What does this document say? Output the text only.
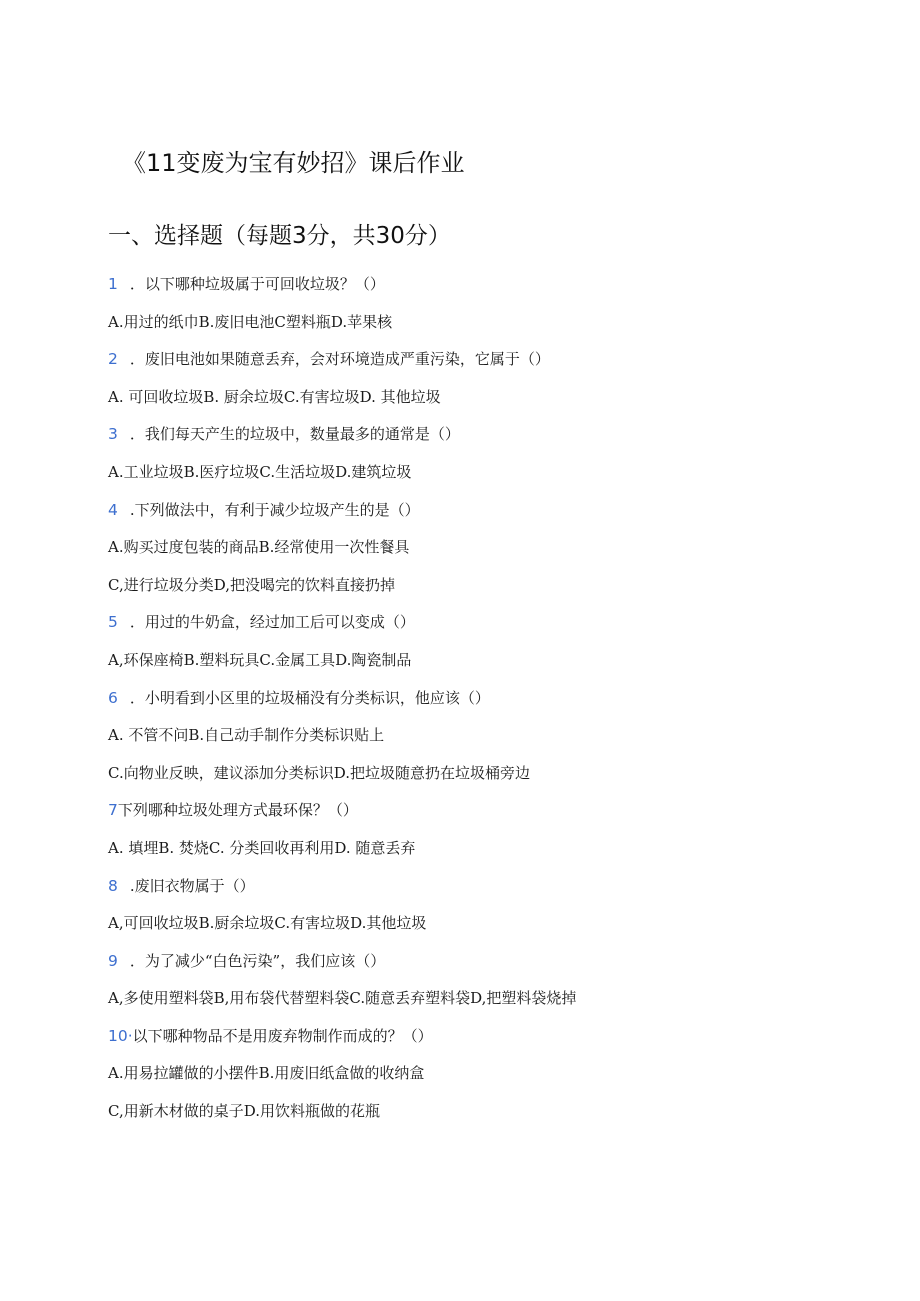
《11变废为宝有妙招》课后作业
一、选择题（每题3分，共30分）
1 ．以下哪种垃圾属于可回收垃圾？（）
A.用过的纸巾B.废旧电池C塑料瓶D.苹果核
2 ．废旧电池如果随意丢弃，会对环境造成严重污染，它属于（）
A. 可回收垃圾B. 厨余垃圾C.有害垃圾D. 其他垃圾
3 ．我们每天产生的垃圾中，数量最多的通常是（）
A.工业垃圾B.医疗垃圾C.生活垃圾D.建筑垃圾
4 .下列做法中，有利于减少垃圾产生的是（）
A.购买过度包装的商品B.经常使用一次性餐具
C,进行垃圾分类D,把没喝完的饮料直接扔掉
5 ．用过的牛奶盒，经过加工后可以变成（）
A,环保座椅B.塑料玩具C.金属工具D.陶瓷制品
6 ．小明看到小区里的垃圾桶没有分类标识，他应该（）
A. 不管不问B.自己动手制作分类标识贴上
C.向物业反映，建议添加分类标识D.把垃圾随意扔在垃圾桶旁边
7下列哪种垃圾处理方式最环保？（）
A. 填埋B. 焚烧C. 分类回收再利用D. 随意丢弃
8 .废旧衣物属于（）
A,可回收垃圾B.厨余垃圾C.有害垃圾D.其他垃圾
9 ．为了减少“白色污染”，我们应该（）
A,多使用塑料袋B,用布袋代替塑料袋C.随意丢弃塑料袋D,把塑料袋烧掉
10·以下哪种物品不是用废弃物制作而成的？（）
A.用易拉罐做的小摆件B.用废旧纸盒做的收纳盒
C,用新木材做的桌子D.用饮料瓶做的花瓶
